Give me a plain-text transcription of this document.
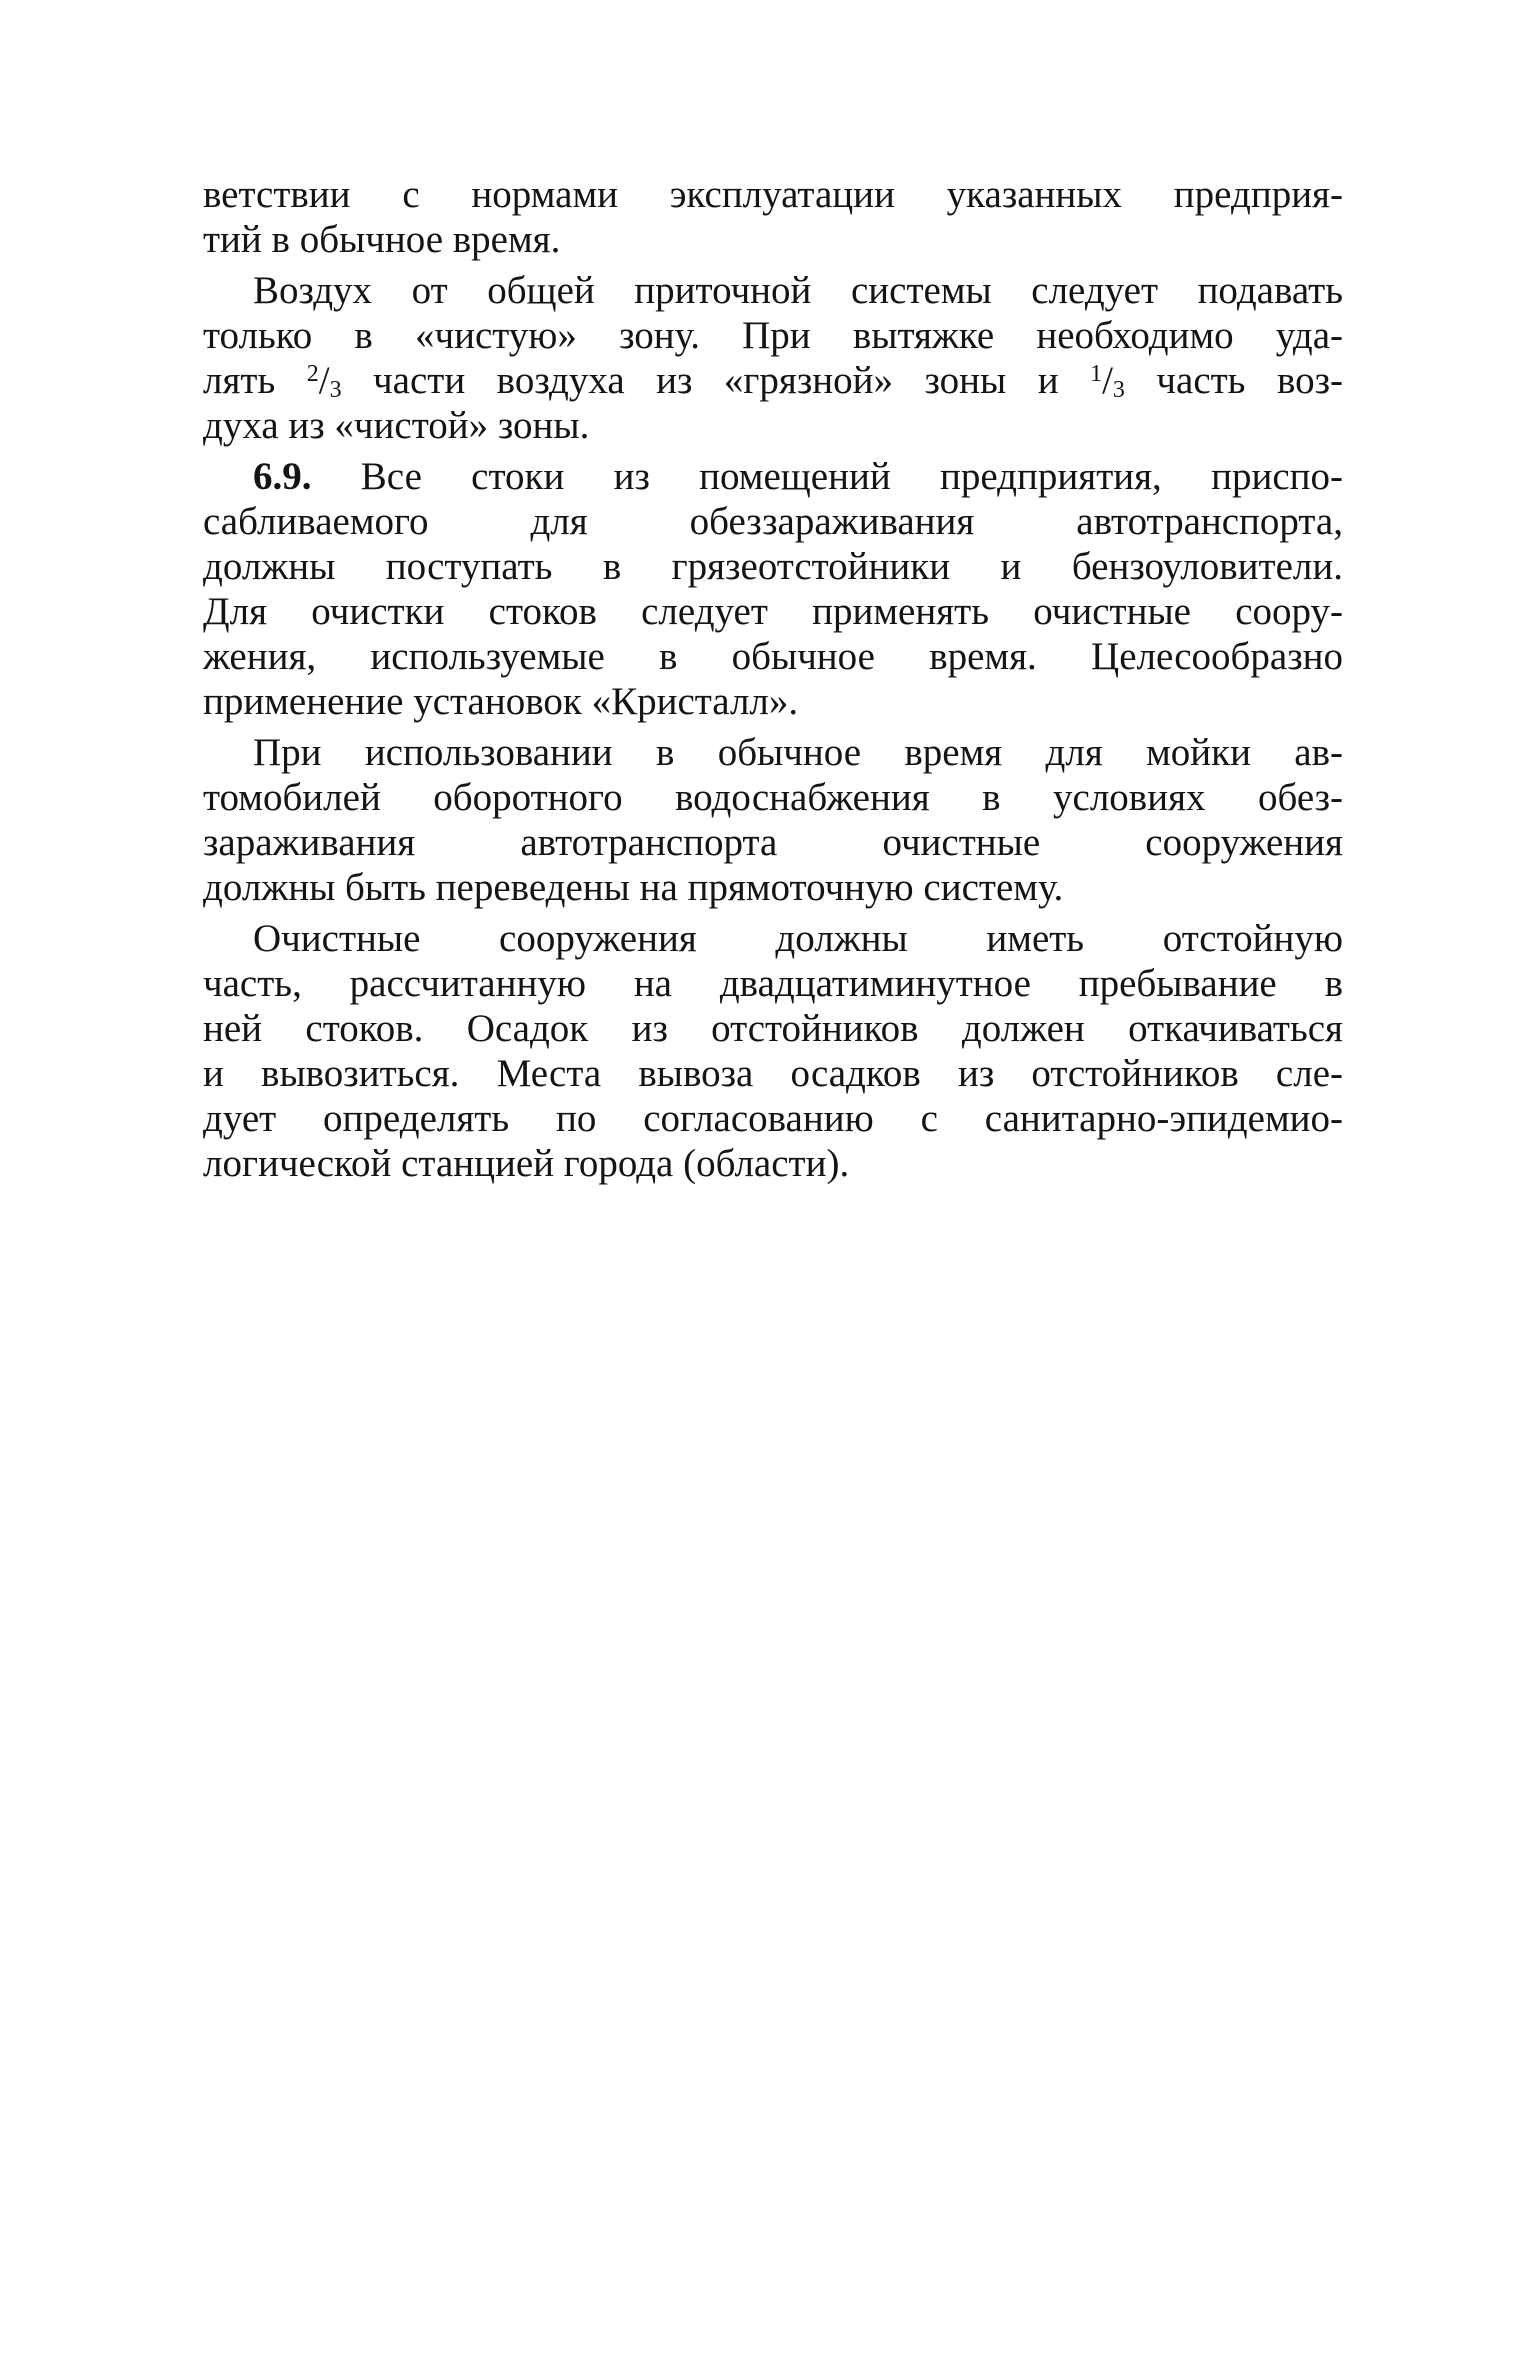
ветствии с нормами эксплуатации указанных предприя-
тий в обычное время.
Воздух от общей приточной системы следует подавать
только в «чистую» зону. При вытяжке необходимо уда-
лять $^2/_3$ части воздуха из «грязной» зоны и $^1/_3$ часть воз-
духа из «чистой» зоны.
6.9. Все стоки из помещений предприятия, приспо-
сабливаемого для обеззараживания автотранспорта,
должны поступать в грязеотстойники и бензоуловители.
Для очистки стоков следует применять очистные соору-
жения, используемые в обычное время. Целесообразно
применение установок «Кристалл».
При использовании в обычное время для мойки ав-
томобилей оборотного водоснабжения в условиях обез-
зараживания автотранспорта очистные сооружения
должны быть переведены на прямоточную систему.
Очистные сооружения должны иметь отстойную
часть, рассчитанную на двадцатиминутное пребывание в
ней стоков. Осадок из отстойников должен откачиваться
и вывозиться. Места вывоза осадков из отстойников сле-
дует определять по согласованию с санитарно-эпидемио-
логической станцией города (области).
